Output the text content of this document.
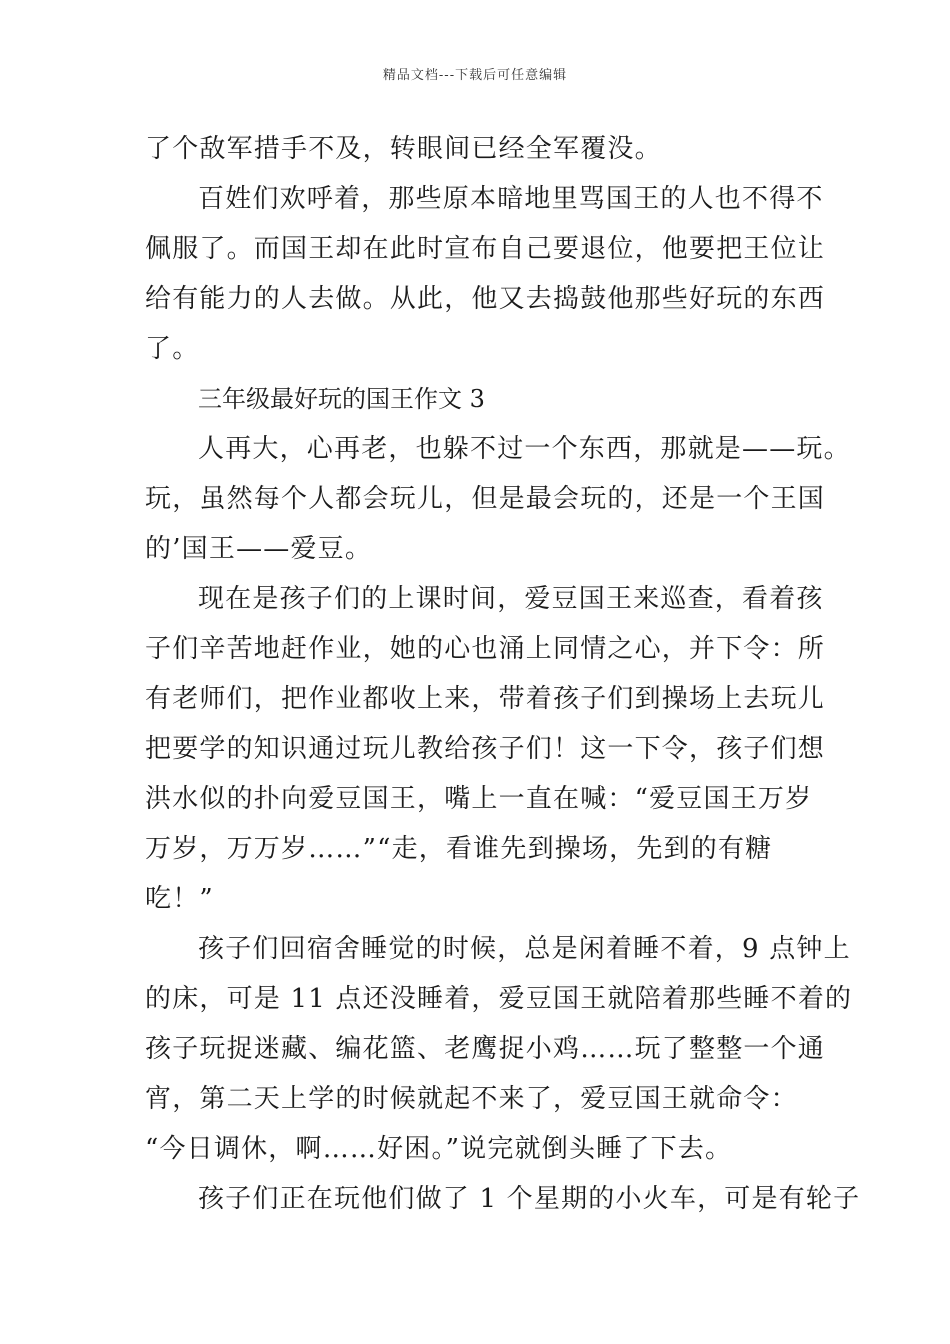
精品文档---下载后可任意编辑
了个敌军措手不及，转眼间已经全军覆没。
百姓们欢呼着，那些原本暗地里骂国王的人也不得不
佩服了。而国王却在此时宣布自己要退位，他要把王位让
给有能力的人去做。从此，他又去捣鼓他那些好玩的东西
了。
三年级最好玩的国王作文 3
人再大，心再老，也躲不过一个东西，那就是——玩。
玩，虽然每个人都会玩儿，但是最会玩的，还是一个王国
的’国王——爱豆。
现在是孩子们的上课时间，爱豆国王来巡查，看着孩
子们辛苦地赶作业，她的心也涌上同情之心，并下令：所
有老师们，把作业都收上来，带着孩子们到操场上去玩儿
把要学的知识通过玩儿教给孩子们！这一下令，孩子们想
洪水似的扑向爱豆国王，嘴上一直在喊：“爱豆国王万岁
万岁，万万岁……”“走，看谁先到操场，先到的有糖
吃！”
孩子们回宿舍睡觉的时候，总是闲着睡不着，9 点钟上
的床，可是 11 点还没睡着，爱豆国王就陪着那些睡不着的
孩子玩捉迷藏、编花篮、老鹰捉小鸡……玩了整整一个通
宵，第二天上学的时候就起不来了，爱豆国王就命令：
“今日调休，啊……好困。”说完就倒头睡了下去。
孩子们正在玩他们做了 1 个星期的小火车，可是有轮子
